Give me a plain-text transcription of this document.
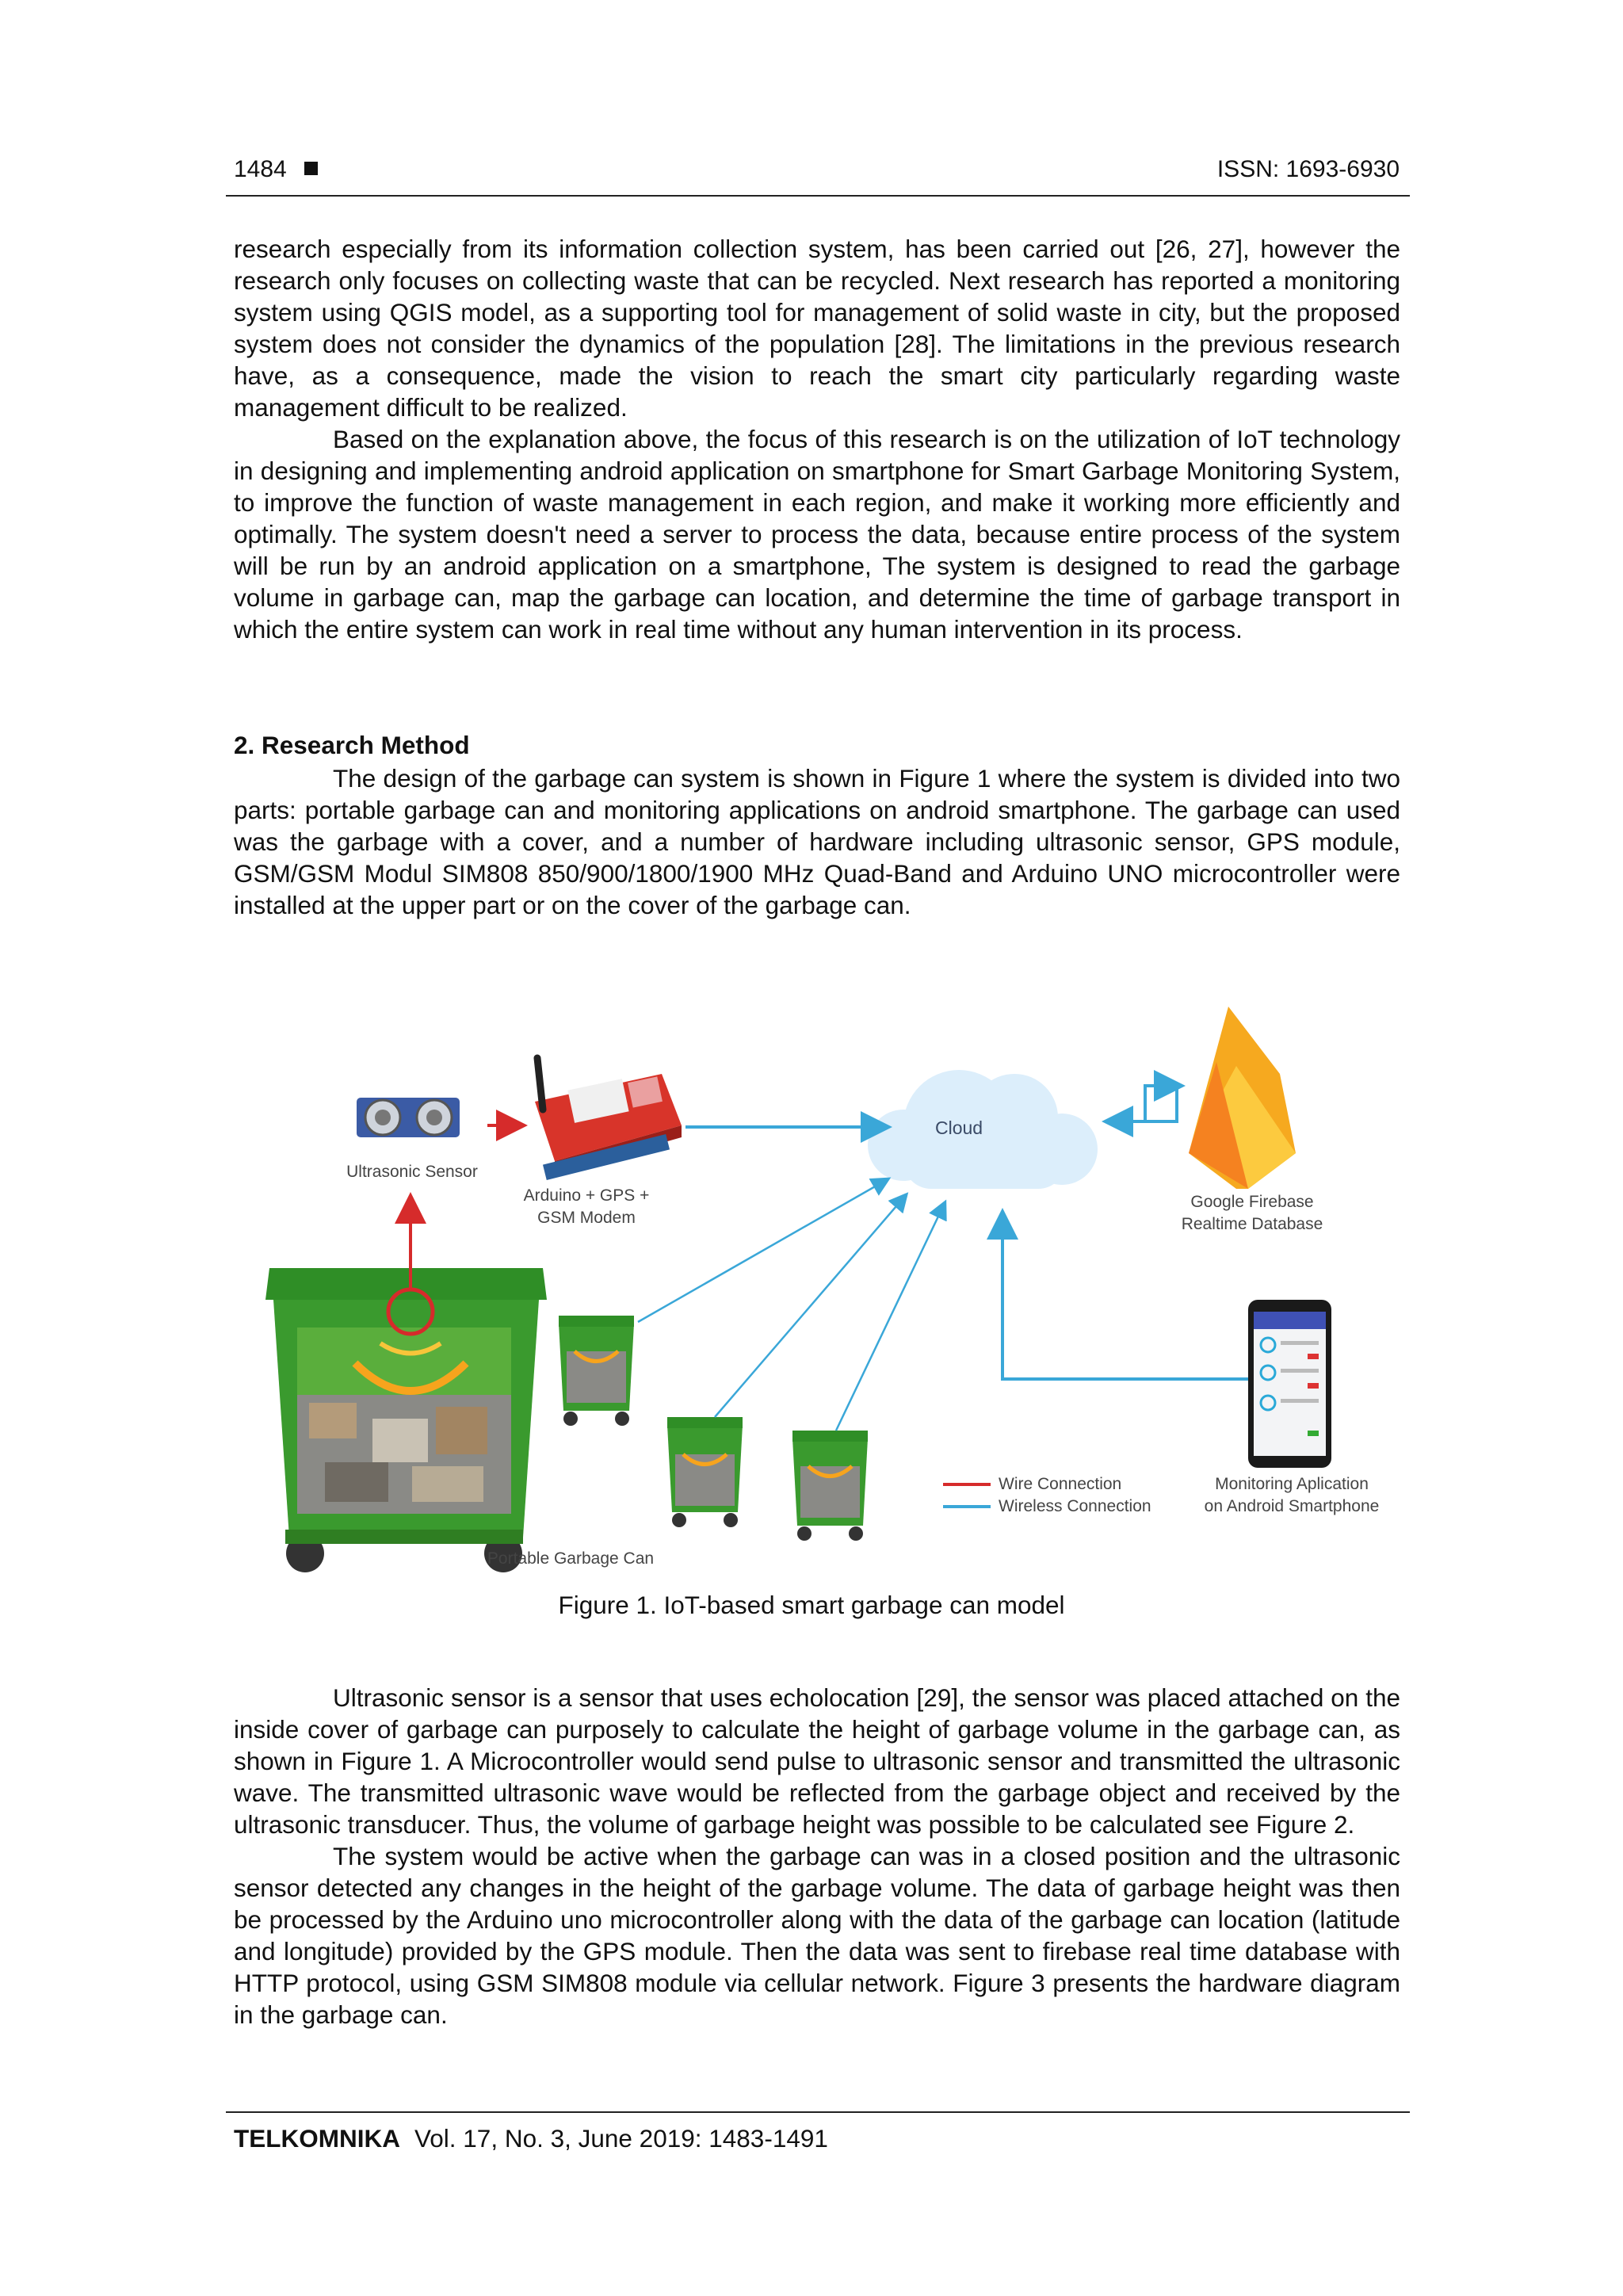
1484	ISSN: 1693-6930

research especially from its information collection system, has been carried out [26, 27], however the research only focuses on collecting waste that can be recycled. Next research has reported a monitoring system using QGIS model, as a supporting tool for management of solid waste in city, but the proposed system does not consider the dynamics of the population [28]. The limitations in the previous research have, as a consequence, made the vision to reach the smart city particularly regarding waste management difficult to be realized.

Based on the explanation above, the focus of this research is on the utilization of IoT technology in designing and implementing android application on smartphone for Smart Garbage Monitoring System, to improve the function of waste management in each region, and make it working more efficiently and optimally. The system doesn't need a server to process the data, because entire process of the system will be run by an android application on a smartphone, The system is designed to read the garbage volume in garbage can, map the garbage can location, and determine the time of garbage transport in which the entire system can work in real time without any human intervention in its process.

2. Research Method

The design of the garbage can system is shown in Figure 1 where the system is divided into two parts: portable garbage can and monitoring applications on android smartphone. The garbage can used was the garbage with a cover, and a number of hardware including ultrasonic sensor, GPS module, GSM/GSM Modul SIM808 850/900/1800/1900 MHz Quad-Band and Arduino UNO microcontroller were installed at the upper part or on the cover of the garbage can.

Ultrasonic Sensor
Arduino + GPS +
GSM Modem
Cloud
Google Firebase
Realtime Database
Portable Garbage Can
Wire Connection
Wireless Connection
Monitoring Aplication
on Android Smartphone
Figure 1. IoT-based smart garbage can model

Ultrasonic sensor is a sensor that uses echolocation [29], the sensor was placed attached on the inside cover of garbage can purposely to calculate the height of garbage volume in the garbage can, as shown in Figure 1. A Microcontroller would send pulse to ultrasonic sensor and transmitted the ultrasonic wave. The transmitted ultrasonic wave would be reflected from the garbage object and received by the ultrasonic transducer. Thus, the volume of garbage height was possible to be calculated see Figure 2.

The system would be active when the garbage can was in a closed position and the ultrasonic sensor detected any changes in the height of the garbage volume. The data of garbage height was then be processed by the Arduino uno microcontroller along with the data of the garbage can location (latitude and longitude) provided by the GPS module. Then the data was sent to firebase real time database with HTTP protocol, using GSM SIM808 module via cellular network. Figure 3 presents the hardware diagram in the garbage can.

TELKOMNIKA Vol. 17, No. 3, June 2019: 1483-1491
